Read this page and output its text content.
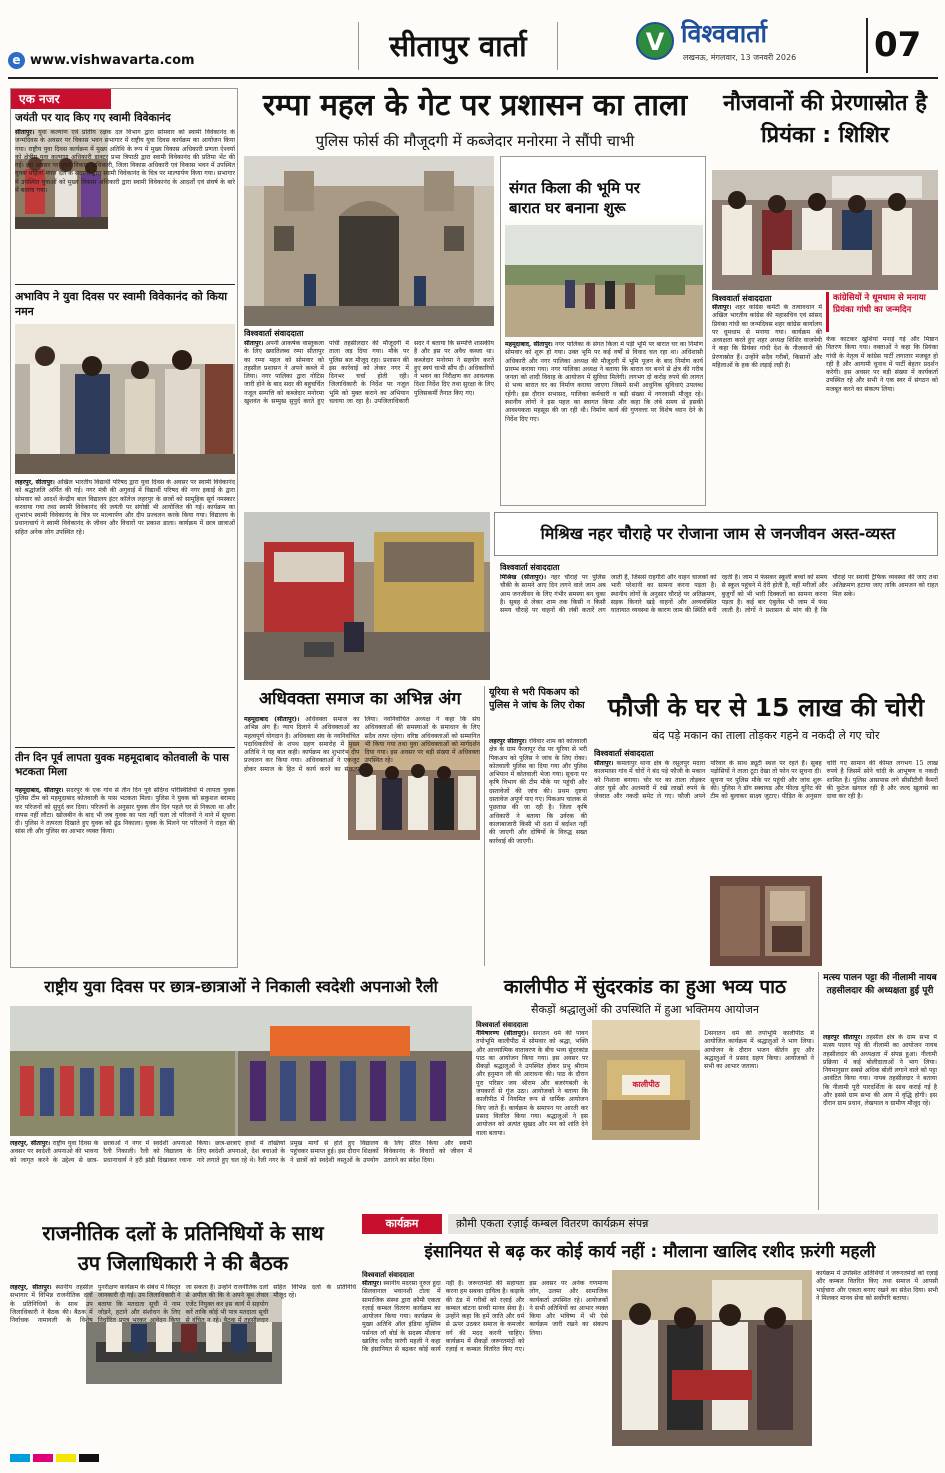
e www.vishwavarta.com	सीतापुर वार्ता	V विश्ववार्ता
लखनऊ, मंगलवार, 13 जनवरी 2026	07
एक नजर
जयंती पर याद किए गए स्वामी विवेकानंद
सीतापुर। युवा कल्याण एवं प्रांतीय रक्षक दल विभाग द्वारा सोमवार को स्वामी विवेकानंद के जन्मदिवस के अवसर पर विकास भवन सभागार में राष्ट्रीय युवा दिवस कार्यक्रम का आयोजन किया गया। राष्ट्रीय युवा दिवस कार्यक्रम में मुख्य अतिथि के रूप में मुख्य विकास अधिकारी प्रणता ऐश्वर्या को क्षेत्रीय युवा कल्याण अधिकारी डाक्टर प्रभा त्रिपाठी द्वारा स्वामी विवेकानंद की प्रतिमा भेंट की गई। इस अवसर पर मुख्य विकास अधिकारी, जिला विकास अधिकारी एवं विकास भवन में उपस्थित युवक महिला मंगल दल के सदस्यों द्वारा स्वामी विवेकानंद के चित्र पर माल्यार्पण किया गया। सभागार में उपस्थित युवाओं को मुख्य विकास अधिकारी द्वारा स्वामी विवेकानंद के आदर्शों एवं संघर्ष के बारे में बताया गया।
अभाविप ने युवा दिवस पर स्वामी विवेकानंद को किया नमन
लहरपुर, सीतापुर। अखिल भारतीय विद्यार्थी परिषद द्वारा युवा दिवस के अवसर पर स्वामी विवेकानंद को श्रद्धांजलि अर्पित की गई। नगर मंत्री की अगुवाई में विद्यार्थी परिषद की नगर इकाई के द्वारा सोमवार को आदर्श केन्द्रीय बाल विद्यालय इंटर कॉलेज लहरपुर के छात्रों को सामूहिक सूर्य नमस्कार करवाया गया तथा स्वामी विवेकानंद की जयंती पर संगोष्ठी भी आयोजित की गई। कार्यक्रम का शुभारंभ स्वामी विवेकानंद के चित्र पर माल्यार्पण और दीप प्रज्वलन करके किया गया। विद्यालय के प्रधानाचार्य ने स्वामी विवेकानंद के जीवन और विचारों पर प्रकाश डाला। कार्यक्रम में छात्र छात्राओं सहित अनेक लोग उपस्थित रहे।
तीन दिन पूर्व लापता युवक महमूदाबाद कोतवाली के पास भटकता मिला
महमूदाबाद, सीतापुर। सदरपुर के एक गांव से तीन दिन पूर्व संदिग्ध परिस्थितियों में लापता युवक पुलिस टीम को महमूदाबाद कोतवाली के पास भटकता मिला। पुलिस ने युवक को सकुशल बरामद कर परिजनों को सुपुर्द कर दिया। परिजनों के अनुसार युवक तीन दिन पहले घर से निकला था और वापस नहीं लौटा। खोजबीन के बाद भी जब युवक का पता नहीं चला तो परिजनों ने थाने में सूचना दी। पुलिस ने तत्परता दिखाते हुए युवक को ढूंढ निकाला। युवक के मिलने पर परिजनों ने राहत की सांस ली और पुलिस का आभार व्यक्त किया।
रम्पा महल के गेट पर प्रशासन का ताला
पुलिस फोर्स की मौजूदगी में कब्जेदार मनोरमा ने सौंपी चाभी
विश्ववार्ता संवाददाता
सीतापुर। अपनी आकर्षक वास्तुकला के लिए ख्यातिलब्ध रम्पा सीतापुर का रम्पा महल को सोमवार को तहसील प्रशासन ने अपने कब्जे में लिया। नगर पालिका द्वारा नोटिस जारी होने के बाद सदर की बहुचर्चित नजूल सम्पत्ति को कब्जेदार मनोरमा खुशवंत के सम्मुख सुपुर्द करते हुए पांची तहसीलदार की मौजूदगी में ताला जड़ दिया गया। मौके पर पुलिस बल मौजूद रहा। प्रशासन की इस कार्रवाई को लेकर नगर में दिनभर चर्चा होती रही। जिलाधिकारी के निर्देश पर नजूल भूमि को मुक्त कराने का अभियान चलाया जा रहा है। उपजिलाधिकारी सदर ने बताया कि सम्पत्ति शासकीय है और इस पर अवैध कब्जा था। कब्जेदार मनोरमा ने सहयोग करते हुए स्वयं चाभी सौंप दी। अधिकारियों ने भवन का निरीक्षण कर आवश्यक दिशा निर्देश दिए तथा सुरक्षा के लिए पुलिसकर्मी तैनात किए गए।
संगत किला की भूमि पर
बारात घर बनाना शुरू
महमूदाबाद, सीतापुर। नगर पालिका के संगत किला में पड़ी भूमि पर बारात घर का निर्माण सोमवार को शुरू हो गया। उक्त भूमि पर कई वर्षों से विवाद चल रहा था। अधिशासी अधिकारी और नगर पालिका अध्यक्ष की मौजूदगी में भूमि पूजन के बाद निर्माण कार्य प्रारम्भ कराया गया। नगर पालिका अध्यक्ष ने बताया कि बारात घर बनने से क्षेत्र की गरीब जनता को शादी विवाह के आयोजन में सुविधा मिलेगी। लगभग दो करोड़ रुपये की लागत से भव्य बारात घर का निर्माण कराया जाएगा जिसमें सभी आधुनिक सुविधाएं उपलब्ध रहेंगी। इस दौरान सभासद, पालिका कर्मचारी व बड़ी संख्या में नगरवासी मौजूद रहे। स्थानीय लोगों ने इस पहल का स्वागत किया और कहा कि लंबे समय से इसकी आवश्यकता महसूस की जा रही थी। निर्माण कार्य की गुणवत्ता पर विशेष ध्यान देने के निर्देश दिए गए।
नौजवानों की प्रेरणास्रोत है प्रियंका : शिशिर
विश्ववार्ता संवाददाता
सीतापुर। शहर कांग्रेस कमेटी के तत्वावधान में अखिल भारतीय कांग्रेस की महासचिव एवं सांसद प्रियंका गांधी का जन्मदिवस शहर कांग्रेस कार्यालय पर धूमधाम से मनाया गया। कार्यक्रम की अध्यक्षता करते हुए शहर अध्यक्ष शिशिर वाजपेयी ने कहा कि प्रियंका गांधी देश के नौजवानों की प्रेरणास्रोत हैं। उन्होंने सदैव गरीबों, किसानों और महिलाओं के हक की लड़ाई लड़ी है।
कांग्रेसियों ने धूमधाम से मनाया प्रियंका गांधी का जन्मदिन
केक काटकर खुशियां मनाई गई और मिष्ठान वितरण किया गया। वक्ताओं ने कहा कि प्रियंका गांधी के नेतृत्व में कांग्रेस पार्टी लगातार मजबूत हो रही है और आगामी चुनाव में पार्टी बेहतर प्रदर्शन करेगी। इस अवसर पर बड़ी संख्या में कार्यकर्ता उपस्थित रहे और सभी ने एक स्वर में संगठन को मजबूत करने का संकल्प लिया।
मिश्रिख नहर चौराहे पर रोजाना जाम से जनजीवन अस्त-व्यस्त
विश्ववार्ता संवाददाता
मिश्रिख (सीतापुर)। नहर चौराहे पर पुलिस चौकी के सामने आए दिन लगने वाले जाम अब आम जनजीवन के लिए गंभीर समस्या बन चुका है। सुबह से लेकर शाम तक किसी न किसी समय चौराहे पर वाहनों की लंबी कतारें लग जाती हैं, जिससे राहगीरों और वाहन चालकों को भारी परेशानी का सामना करना पड़ता है। स्थानीय लोगों के अनुसार चौराहे पर अतिक्रमण, सड़क किनारे खड़े वाहनों और अव्यवस्थित यातायात व्यवस्था के कारण जाम की स्थिति बनी रहती है। जाम में फंसकर स्कूली बच्चों को समय से स्कूल पहुंचने में देरी होती है, वहीं मरीजों और बुजुर्गों को भी भारी दिक्कतों का सामना करना पड़ता है। कई बार एंबुलेंस भी जाम में फंस जाती है। लोगों ने प्रशासन से मांग की है कि चौराहे पर स्थायी ट्रैफिक व्यवस्था की जाए तथा अतिक्रमण हटाया जाए ताकि आमजन को राहत मिल सके।
अधिवक्ता समाज का अभिन्न अंग
महमूदाबाद (सीतापुर)। अधिवक्ता समाज का अभिन्न अंग हैं। न्याय दिलाने में अधिवक्ताओं का महत्वपूर्ण योगदान है। अधिवक्ता संघ के नवनिर्वाचित पदाधिकारियों के शपथ ग्रहण समारोह में मुख्य अतिथि ने यह बात कही। कार्यक्रम का शुभारंभ दीप प्रज्वलन कर किया गया। अधिवक्ताओं ने एकजुट होकर समाज के हित में कार्य करने का संकल्प लिया। नवनिर्वाचित अध्यक्ष ने कहा कि संघ अधिवक्ताओं की समस्याओं के समाधान के लिए सदैव तत्पर रहेगा। वरिष्ठ अधिवक्ताओं को सम्मानित भी किया गया तथा युवा अधिवक्ताओं को मार्गदर्शन दिया गया। इस अवसर पर बड़ी संख्या में अधिवक्ता उपस्थित रहे।
यूरिया से भरी पिकअप को पुलिस ने जांच के लिए रोका
लहरपुर सीतापुर। रविवार शाम को कोतवाली क्षेत्र के ग्राम फैजापुर रोड पर यूरिया से भरी पिकअप को पुलिस ने जांच के लिए रोका। कोतवाली पुलिस का दिया गया और पुलिस अभियान में कोतवाली भेजा गया। सूचना पर कृषि विभाग की टीम मौके पर पहुंची और दस्तावेजों की जांच की। प्रथम दृष्टया दस्तावेज अपूर्ण पाए गए। पिकअप चालक से पूछताछ की जा रही है। जिला कृषि अधिकारी ने बताया कि उर्वरक की कालाबाजारी किसी भी दशा में बर्दाश्त नहीं की जाएगी और दोषियों के विरुद्ध सख्त कार्रवाई की जाएगी।
फौजी के घर से 15 लाख की चोरी
बंद पड़े मकान का ताला तोड़कर गहने व नकदी ले गए चोर
विश्ववार्ता संवाददाता
सीतापुर। कमलापुर थाना क्षेत्र के रसूलपुर मदारा कालमाफ़ा गांव में चोरों ने बंद पड़े फौजी के मकान को निशाना बनाया। चोर घर का ताला तोड़कर अंदर घुसे और अलमारी में रखे लाखों रुपये के जेवरात और नकदी समेट ले गए। फौजी अपने परिवार के साथ ड्यूटी स्थल पर रहते हैं। सुबह पड़ोसियों ने ताला टूटा देखा तो फोन पर सूचना दी। सूचना पर पुलिस मौके पर पहुंची और जांच शुरू की। पुलिस ने डॉग स्क्वायड और फील्ड यूनिट की टीम को बुलाकर साक्ष्य जुटाए। पीड़ित के अनुसार चोरी गए सामान की कीमत लगभग 15 लाख रुपये है जिसमें सोने चांदी के आभूषण व नकदी शामिल है। पुलिस आसपास लगे सीसीटीवी कैमरों की फुटेज खंगाल रही है और जल्द खुलासे का दावा कर रही है।
राष्ट्रीय युवा दिवस पर छात्र-छात्राओं ने निकाली स्वदेशी अपनाओ रैली
लहरपुर, सीतापुर। राष्ट्रीय युवा दिवस के अवसर पर स्वदेशी अपनाओ की भावना को जागृत करने के उद्देश्य से छात्र-छात्राओं ने नगर में स्वदेशी अपनाओ रैली निकाली। रैली को विद्यालय के प्रधानाचार्य ने हरी झंडी दिखाकर रवाना किया। छात्र-छात्राएं हाथों में तख्तियां लिए स्वदेशी अपनाओ, देश बचाओ के नारे लगाते हुए चल रहे थे। रैली नगर के प्रमुख मार्गों से होते हुए विद्यालय पहुंचकर समाप्त हुई। इस दौरान शिक्षकों ने छात्रों को स्वदेशी वस्तुओं के उपयोग के लिए प्रेरित किया और स्वामी विवेकानंद के विचारों को जीवन में उतारने का संदेश दिया।
कालीपीठ में सुंदरकांड का हुआ भव्य पाठ
सैकड़ों श्रद्धालुओं की उपस्थिति में हुआ भक्तिमय आयोजन
विश्ववार्ता संवाददाता
नैमिषारण्य (सीतापुर)। सनातन धर्म की पावन तपोभूमि कालीपीठ में सोमवार को श्रद्धा, भक्ति और आध्यात्मिक वातावरण के बीच भव्य सुंदरकांड पाठ का आयोजन किया गया। इस अवसर पर सैकड़ों श्रद्धालुओं ने उपस्थित होकर प्रभु श्रीराम और हनुमान जी की आराधना की। पाठ के दौरान पूरा परिसर जय श्रीराम और बजरंगबली के जयकारों से गूंज उठा। आयोजकों ने बताया कि कालीपीठ में नियमित रूप से धार्मिक आयोजन किए जाते हैं। कार्यक्रम के समापन पर आरती कर प्रसाद वितरित किया गया। श्रद्धालुओं ने इस आयोजन को अत्यंत सुखद और मन को शांति देने वाला बताया।
कालीपीठ
Dसनातन धर्म की तपोभूमि कालीपीठ में आयोजित कार्यक्रम में श्रद्धालुओं ने भाग लिया। आयोजन के दौरान भजन कीर्तन हुए और श्रद्धालुओं ने प्रसाद ग्रहण किया। आयोजकों ने सभी का आभार जताया।
मत्स्य पालन पट्टा की नीलामी नायब तहसीलदार की अध्यक्षता हुई पूरी
लहरपुर सीतापुर। तहसील क्षेत्र के ग्राम सभा में मत्स्य पालन पट्टे की नीलामी का आयोजन नायब तहसीलदार की अध्यक्षता में संपन्न हुआ। नीलामी प्रक्रिया में कई बोलीदाताओं ने भाग लिया। नियमानुसार सबसे अधिक बोली लगाने वाले को पट्टा आवंटित किया गया। नायब तहसीलदार ने बताया कि नीलामी पूरी पारदर्शिता के साथ कराई गई है और इससे ग्राम सभा की आय में वृद्धि होगी। इस दौरान ग्राम प्रधान, लेखपाल व ग्रामीण मौजूद रहे।
राजनीतिक दलों के प्रतिनिधियों के साथ
उप जिलाधिकारी ने की बैठक
लहरपुर, सीतापुर। स्थानीय तहसील सभागार में विभिन्न राजनीतिक दलों के प्रतिनिधियों के साथ उप जिलाधिकारी ने बैठक की। बैठक में निर्वाचक नामावली के विशेष पुनरीक्षण कार्यक्रम के संबंध में विस्तृत जानकारी दी गई। उप जिलाधिकारी ने बताया कि मतदाता सूची में नाम जोड़ने, हटाने और संशोधन के लिए निर्धारित प्रपत्र भरकर आवेदन किया जा सकता है। उन्होंने राजनीतिक दलों से अपील की कि वे अपने बूथ लेवल एजेंट नियुक्त कर इस कार्य में सहयोग करें ताकि कोई भी पात्र मतदाता सूची से वंचित न रहे। बैठक में तहसीलदार सहित विभिन्न दलों के प्रतिनिधि मौजूद रहे।
कार्यक्रम	क़ौमी एकता रज़ाई कम्बल वितरण कार्यक्रम संपन्न
इंसानियत से बढ़ कर कोई कार्य नहीं : मौलाना खालिद रशीद फ़रंगी महली
विश्ववार्ता संवाददाता
सीतापुर। स्थानीय मदरसा नूरुल हुदा सिलवानाल भवानशी टोला में सामाजिक संस्था द्वारा क़ौमी एकता रज़ाई कम्बल वितरण कार्यक्रम का आयोजन किया गया। कार्यक्रम के मुख्य अतिथि ऑल इंडिया मुस्लिम पर्सनल लॉ बोर्ड के सदस्य मौलाना खालिद रशीद फ़रंगी महली ने कहा कि इंसानियत से बढ़कर कोई कार्य नहीं है। जरूरतमंदों की सहायता करना हम सबका दायित्व है। कड़ाके की ठंड में गरीबों को रज़ाई और कम्बल बांटना सच्ची मानव सेवा है। उन्होंने कहा कि हमें जाति और धर्म से ऊपर उठकर समाज के कमजोर वर्ग की मदद करनी चाहिए। कार्यक्रम में सैकड़ों जरूरतमंदों को रज़ाई व कम्बल वितरित किए गए। इस अवसर पर अनेक गणमान्य लोग, उलमा और सामाजिक कार्यकर्ता उपस्थित रहे। आयोजकों ने सभी अतिथियों का आभार व्यक्त किया और भविष्य में भी ऐसे कार्यक्रम जारी रखने का संकल्प लिया।
कार्यक्रम में उपस्थित अतिथियों ने जरूरतमंदों को रज़ाई और कम्बल वितरित किए तथा समाज में आपसी भाईचारा और एकता बनाए रखने का संदेश दिया। सभी ने मिलकर मानव सेवा को सर्वोपरि बताया।
